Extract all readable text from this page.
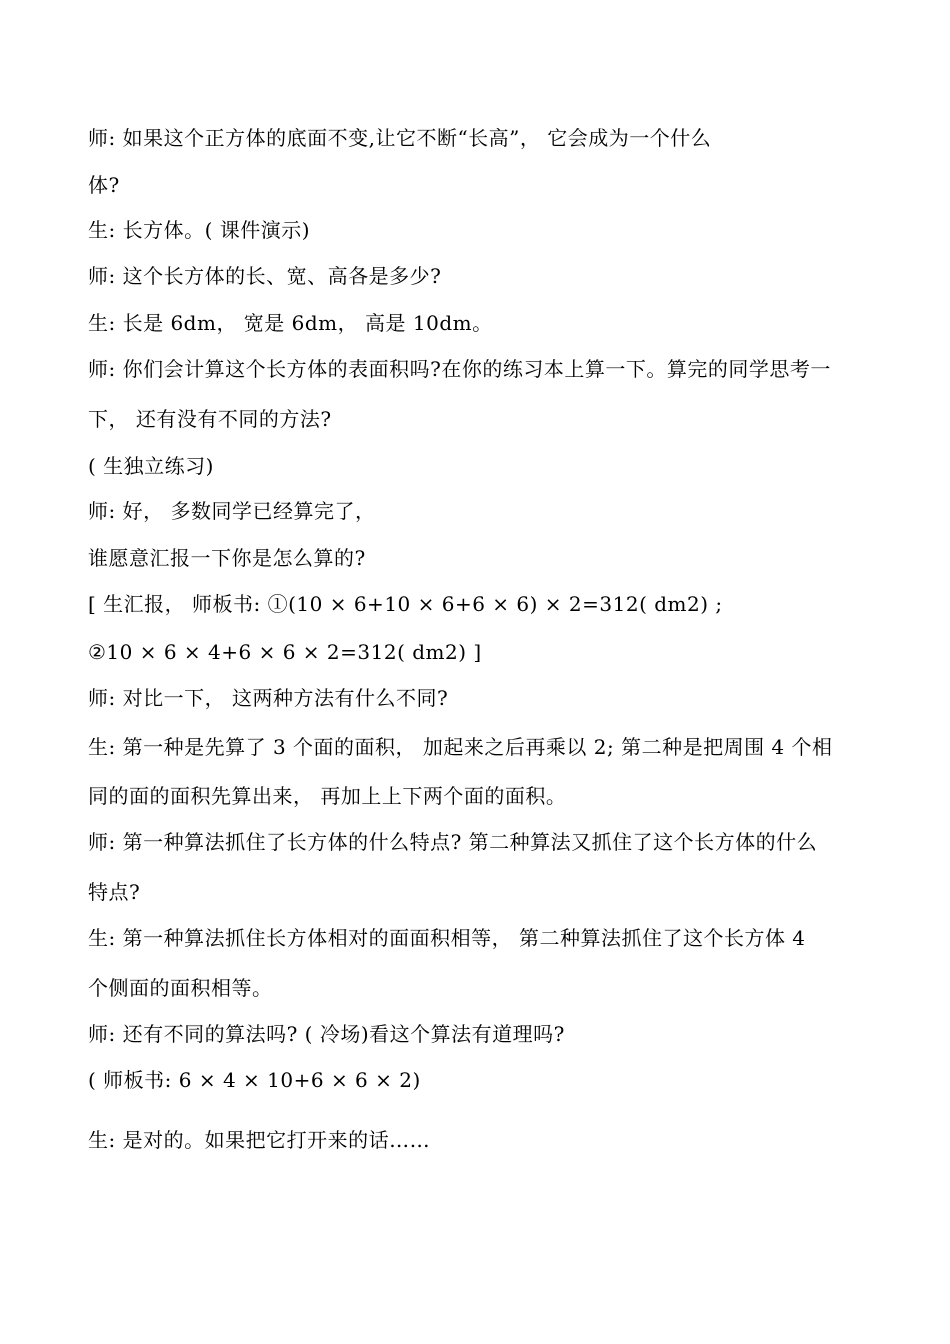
师: 如果这个正方体的底面不变,让它不断“长高”， 它会成为一个什么
体?
生: 长方体。( 课件演示)
师: 这个长方体的长、宽、高各是多少?
生: 长是 6dm， 宽是 6dm， 高是 10dm。
师: 你们会计算这个长方体的表面积吗?在你的练习本上算一下。算完的同学思考一
下， 还有没有不同的方法?
( 生独立练习)
师: 好， 多数同学已经算完了，
谁愿意汇报一下你是怎么算的?
[ 生汇报， 师板书: ①(10 × 6+10 × 6+6 × 6) × 2=312( dm2) ;
②10 × 6 × 4+6 × 6 × 2=312( dm2) ]
师: 对比一下， 这两种方法有什么不同?
生: 第一种是先算了 3 个面的面积， 加起来之后再乘以 2; 第二种是把周围 4 个相
同的面的面积先算出来， 再加上上下两个面的面积。
师: 第一种算法抓住了长方体的什么特点? 第二种算法又抓住了这个长方体的什么
特点?
生: 第一种算法抓住长方体相对的面面积相等， 第二种算法抓住了这个长方体 4
个侧面的面积相等。
师: 还有不同的算法吗? ( 冷场)看这个算法有道理吗?
( 师板书: 6 × 4 × 10+6 × 6 × 2)
生: 是对的。如果把它打开来的话……
